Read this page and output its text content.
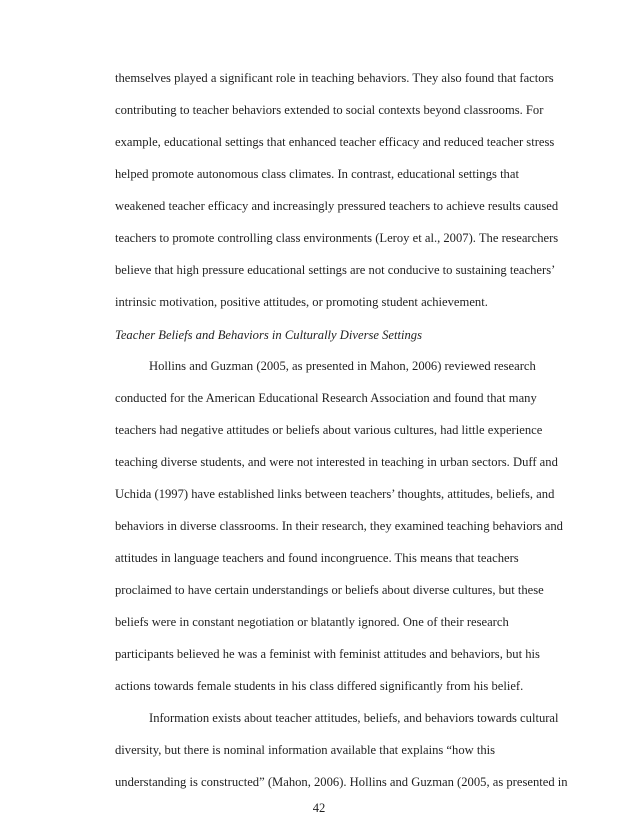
themselves played a significant role in teaching behaviors. They also found that factors
contributing to teacher behaviors extended to social contexts beyond classrooms. For
example, educational settings that enhanced teacher efficacy and reduced teacher stress
helped promote autonomous class climates. In contrast, educational settings that
weakened teacher efficacy and increasingly pressured teachers to achieve results caused
teachers to promote controlling class environments (Leroy et al., 2007). The researchers
believe that high pressure educational settings are not conducive to sustaining teachers’
intrinsic motivation, positive attitudes, or promoting student achievement.
Teacher Beliefs and Behaviors in Culturally Diverse Settings
Hollins and Guzman (2005, as presented in Mahon, 2006) reviewed research
conducted for the American Educational Research Association and found that many
teachers had negative attitudes or beliefs about various cultures, had little experience
teaching diverse students, and were not interested in teaching in urban sectors. Duff and
Uchida (1997) have established links between teachers’ thoughts, attitudes, beliefs, and
behaviors in diverse classrooms. In their research, they examined teaching behaviors and
attitudes in language teachers and found incongruence. This means that teachers
proclaimed to have certain understandings or beliefs about diverse cultures, but these
beliefs were in constant negotiation or blatantly ignored. One of their research
participants believed he was a feminist with feminist attitudes and behaviors, but his
actions towards female students in his class differed significantly from his belief.
Information exists about teacher attitudes, beliefs, and behaviors towards cultural
diversity, but there is nominal information available that explains “how this
understanding is constructed” (Mahon, 2006). Hollins and Guzman (2005, as presented in
42
